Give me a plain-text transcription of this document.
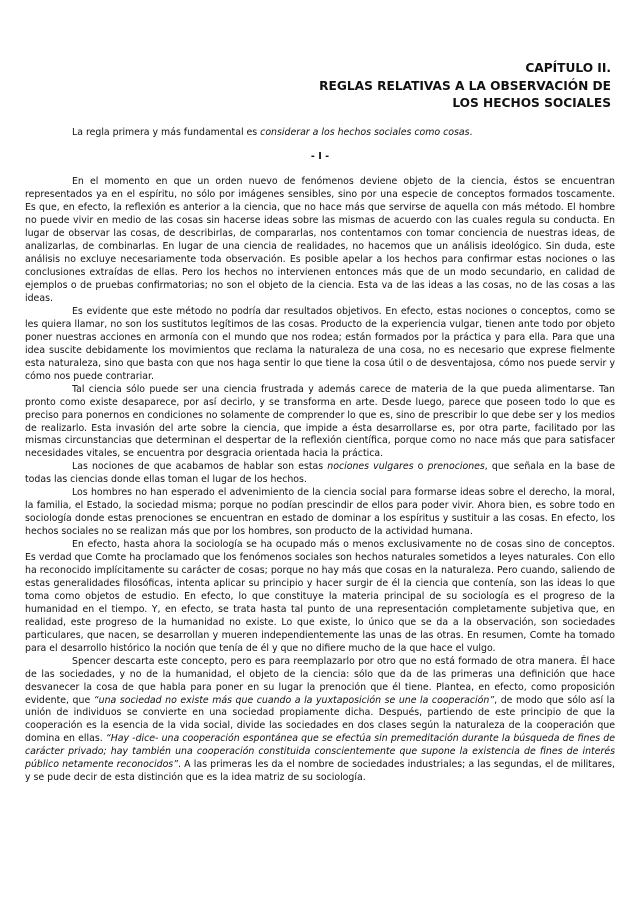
CAPÍTULO II.
REGLAS RELATIVAS A LA OBSERVACIÓN DE
LOS HECHOS SOCIALES

La regla primera y más fundamental es considerar a los hechos sociales como cosas.

- I -

En el momento en que un orden nuevo de fenómenos deviene objeto de la ciencia, éstos se encuentran representados ya en el espíritu, no sólo por imágenes sensibles, sino por una especie de conceptos formados toscamente. Es que, en efecto, la reflexión es anterior a la ciencia, que no hace más que servirse de aquella con más método. El hombre no puede vivir en medio de las cosas sin hacerse ideas sobre las mismas de acuerdo con las cuales regula su conducta. En lugar de observar las cosas, de describirlas, de compararlas, nos contentamos con tomar conciencia de nuestras ideas, de analizarlas, de combinarlas. En lugar de una ciencia de realidades, no hacemos que un análisis ideológico. Sin duda, este análisis no excluye necesariamente toda observación. Es posible apelar a los hechos para confirmar estas nociones o las conclusiones extraídas de ellas. Pero los hechos no intervienen entonces más que de un modo secundario, en calidad de ejemplos o de pruebas confirmatorias; no son el objeto de la ciencia. Esta va de las ideas a las cosas, no de las cosas a las ideas.

Es evidente que este método no podría dar resultados objetivos. En efecto, estas nociones o conceptos, como se les quiera llamar, no son los sustitutos legítimos de las cosas. Producto de la experiencia vulgar, tienen ante todo por objeto poner nuestras acciones en armonía con el mundo que nos rodea; están formados por la práctica y para ella. Para que una idea suscite debidamente los movimientos que reclama la naturaleza de una cosa, no es necesario que exprese fielmente esta naturaleza, sino que basta con que nos haga sentir lo que tiene la cosa útil o de desventajosa, cómo nos puede servir y cómo nos puede contrariar.

Tal ciencia sólo puede ser una ciencia frustrada y además carece de materia de la que pueda alimentarse. Tan pronto como existe desaparece, por así decirlo, y se transforma en arte. Desde luego, parece que poseen todo lo que es preciso para ponernos en condiciones no solamente de comprender lo que es, sino de prescribir lo que debe ser y los medios de realizarlo. Esta invasión del arte sobre la ciencia, que impide a ésta desarrollarse es, por otra parte, facilitado por las mismas circunstancias que determinan el despertar de la reflexión científica, porque como no nace más que para satisfacer necesidades vitales, se encuentra por desgracia orientada hacia la práctica.

Las nociones de que acabamos de hablar son estas nociones vulgares o prenociones, que señala en la base de todas las ciencias donde ellas toman el lugar de los hechos.

Los hombres no han esperado el advenimiento de la ciencia social para formarse ideas sobre el derecho, la moral, la familia, el Estado, la sociedad misma; porque no podían prescindir de ellos para poder vivir. Ahora bien, es sobre todo en sociología donde estas prenociones se encuentran en estado de dominar a los espíritus y sustituir a las cosas. En efecto, los hechos sociales no se realizan más que por los hombres, son producto de la actividad humana.

En efecto, hasta ahora la sociología se ha ocupado más o menos exclusivamente no de cosas sino de conceptos. Es verdad que Comte ha proclamado que los fenómenos sociales son hechos naturales sometidos a leyes naturales. Con ello ha reconocido implícitamente su carácter de cosas; porque no hay más que cosas en la naturaleza. Pero cuando, saliendo de estas generalidades filosóficas, intenta aplicar su principio y hacer surgir de él la ciencia que contenía, son las ideas lo que toma como objetos de estudio. En efecto, lo que constituye la materia principal de su sociología es el progreso de la humanidad en el tiempo. Y, en efecto, se trata hasta tal punto de una representación completamente subjetiva que, en realidad, este progreso de la humanidad no existe. Lo que existe, lo único que se da a la observación, son sociedades particulares, que nacen, se desarrollan y mueren independientemente las unas de las otras. En resumen, Comte ha tomado para el desarrollo histórico la noción que tenía de él y que no difiere mucho de la que hace el vulgo.

Spencer descarta este concepto, pero es para reemplazarlo por otro que no está formado de otra manera. Él hace de las sociedades, y no de la humanidad, el objeto de la ciencia: sólo que da de las primeras una definición que hace desvanecer la cosa de que habla para poner en su lugar la prenoción que él tiene. Plantea, en efecto, como proposición evidente, que “una sociedad no existe más que cuando a la yuxtaposición se une la cooperación”, de modo que sólo así la unión de individuos se convierte en una sociedad propiamente dicha. Después, partiendo de este principio de que la cooperación es la esencia de la vida social, divide las sociedades en dos clases según la naturaleza de la cooperación que domina en ellas. “Hay -dice- una cooperación espontánea que se efectúa sin premeditación durante la búsqueda de fines de carácter privado; hay también una cooperación constituida conscientemente que supone la existencia de fines de interés público netamente reconocidos”. A las primeras les da el nombre de sociedades industriales; a las segundas, el de militares, y se pude decir de esta distinción que es la idea matriz de su sociología.
